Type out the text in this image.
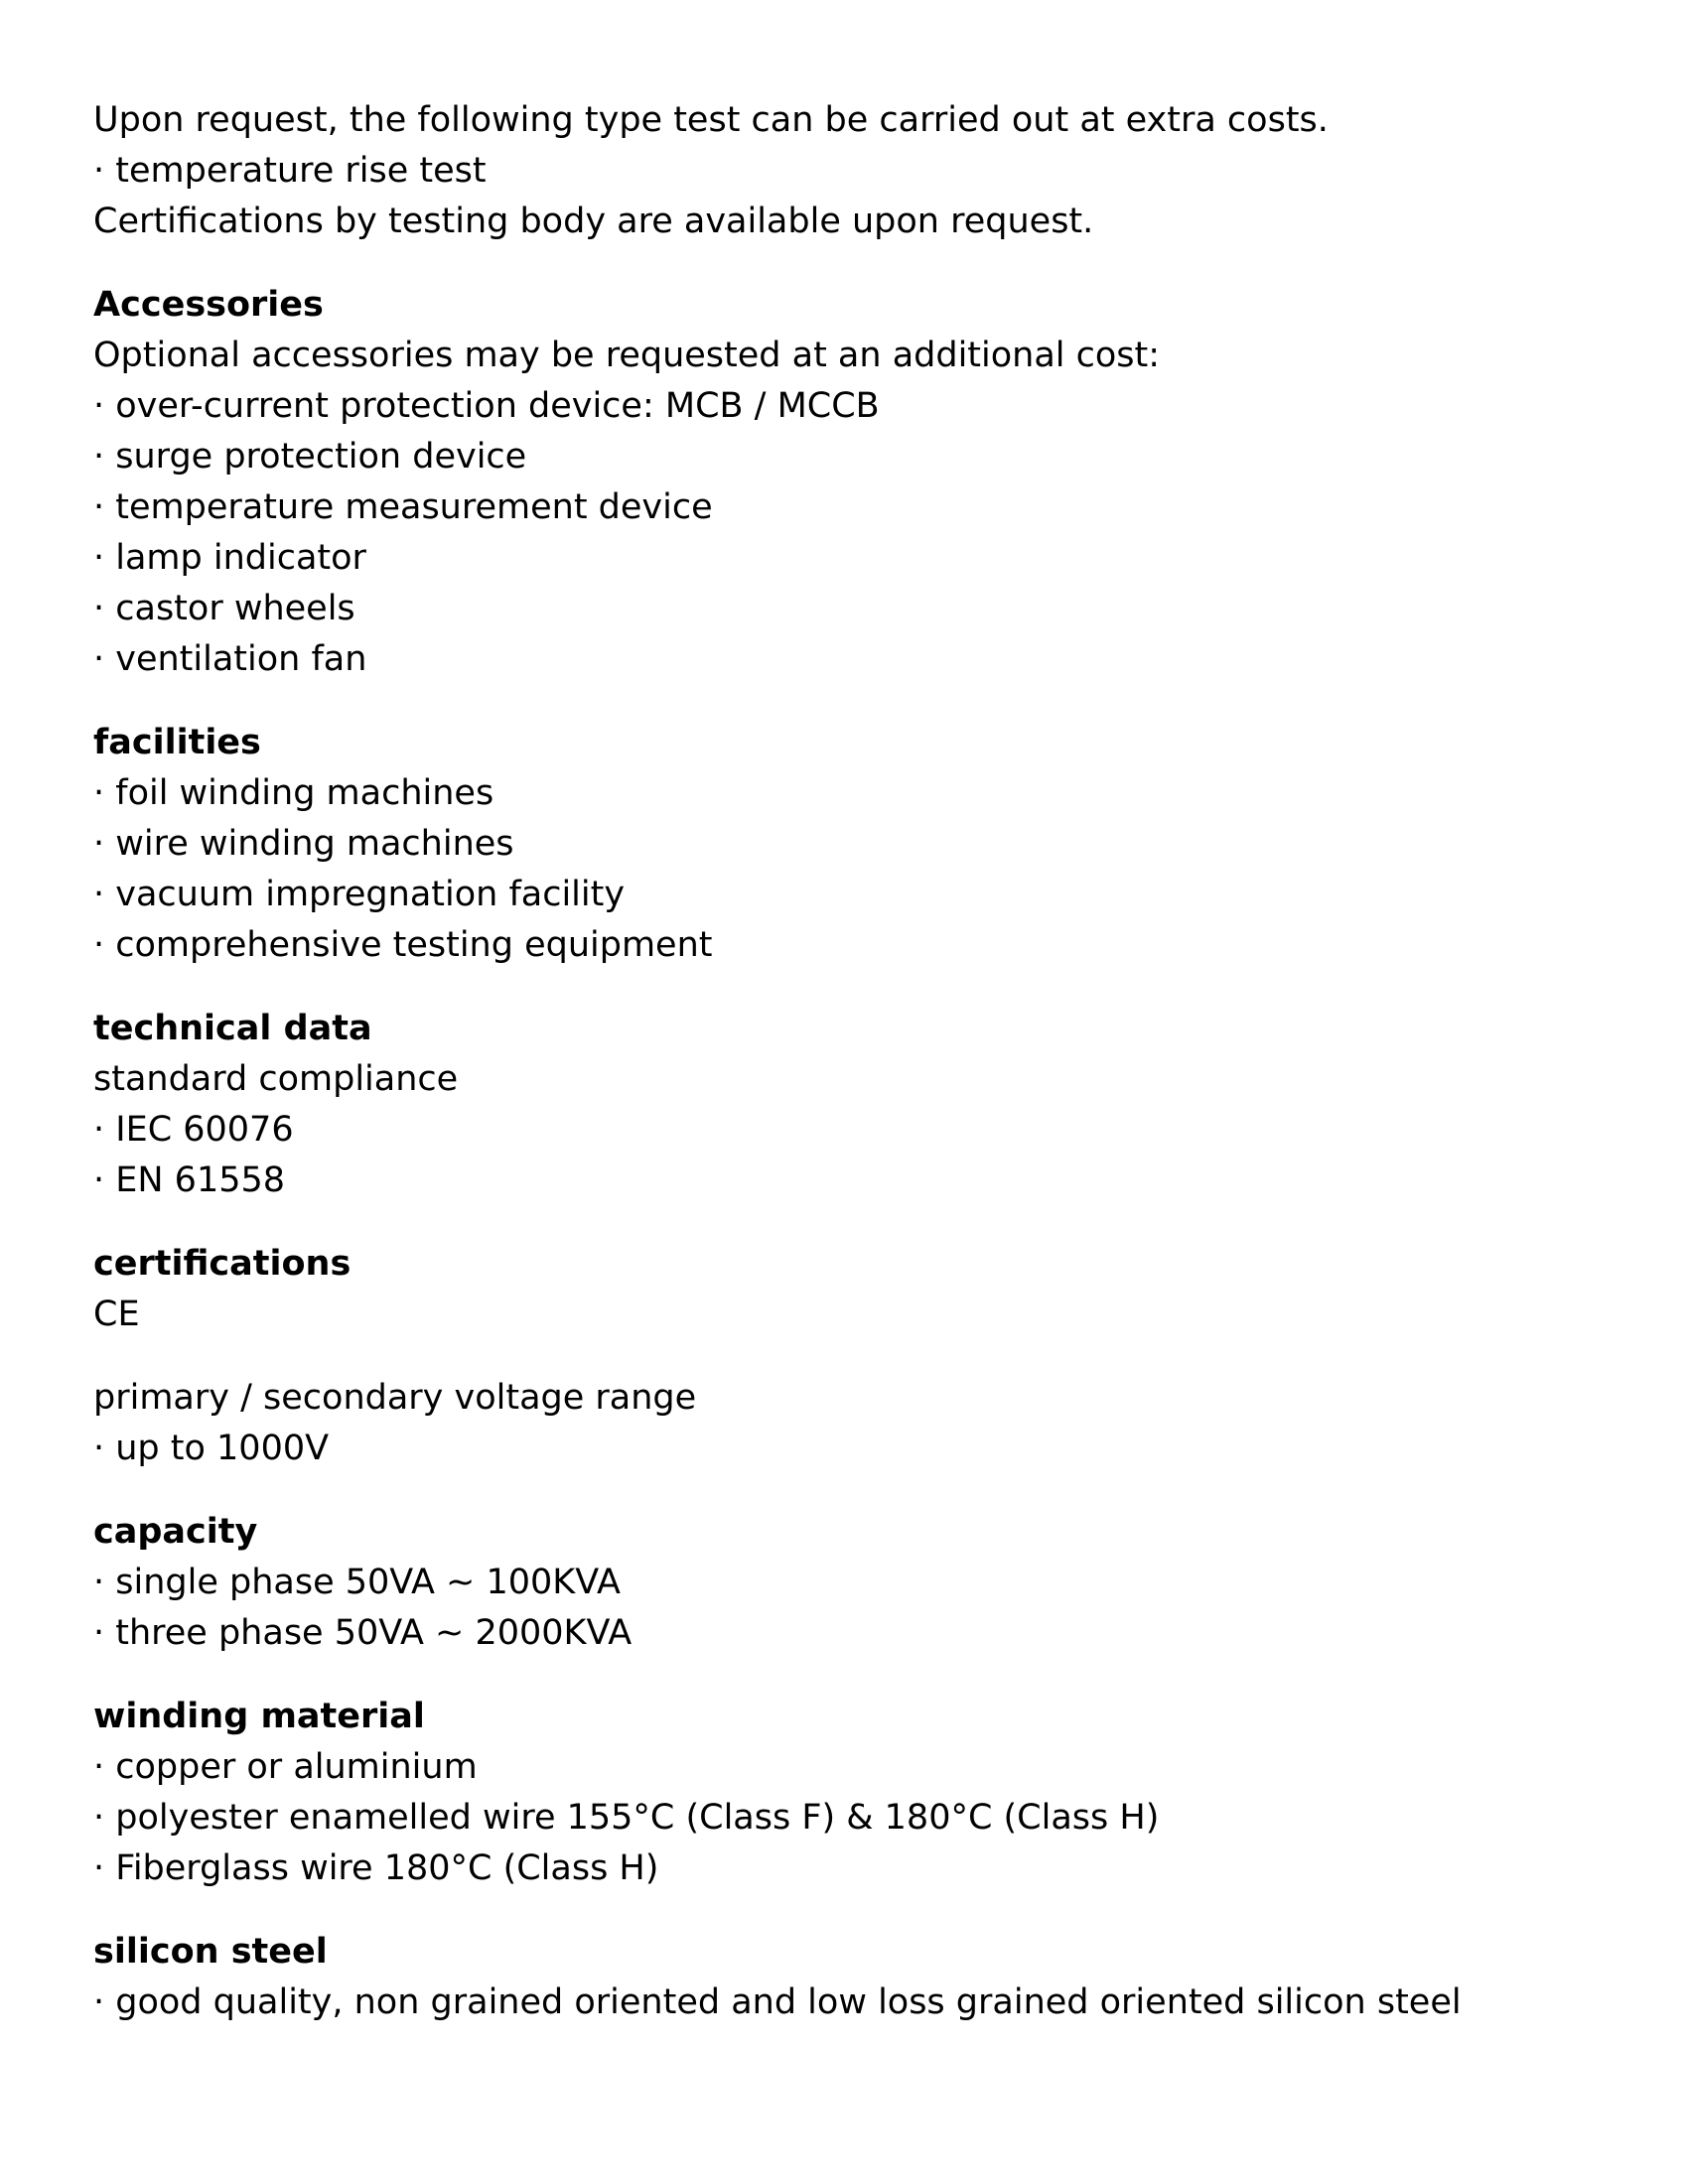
Upon request, the following type test can be carried out at extra costs.
· temperature rise test
Certifications by testing body are available upon request.
Accessories
Optional accessories may be requested at an additional cost:
· over-current protection device: MCB / MCCB
· surge protection device
· temperature measurement device
· lamp indicator
· castor wheels
· ventilation fan
facilities
· foil winding machines
· wire winding machines
· vacuum impregnation facility
· comprehensive testing equipment
technical data
standard compliance
· IEC 60076
· EN 61558
certifications
CE
primary / secondary voltage range
· up to 1000V
capacity
· single phase 50VA ~ 100KVA
· three phase 50VA ~ 2000KVA
winding material
· copper or aluminium
· polyester enamelled wire 155°C (Class F) & 180°C (Class H)
· Fiberglass wire 180°C (Class H)
silicon steel
· good quality, non grained oriented and low loss grained oriented silicon steel
